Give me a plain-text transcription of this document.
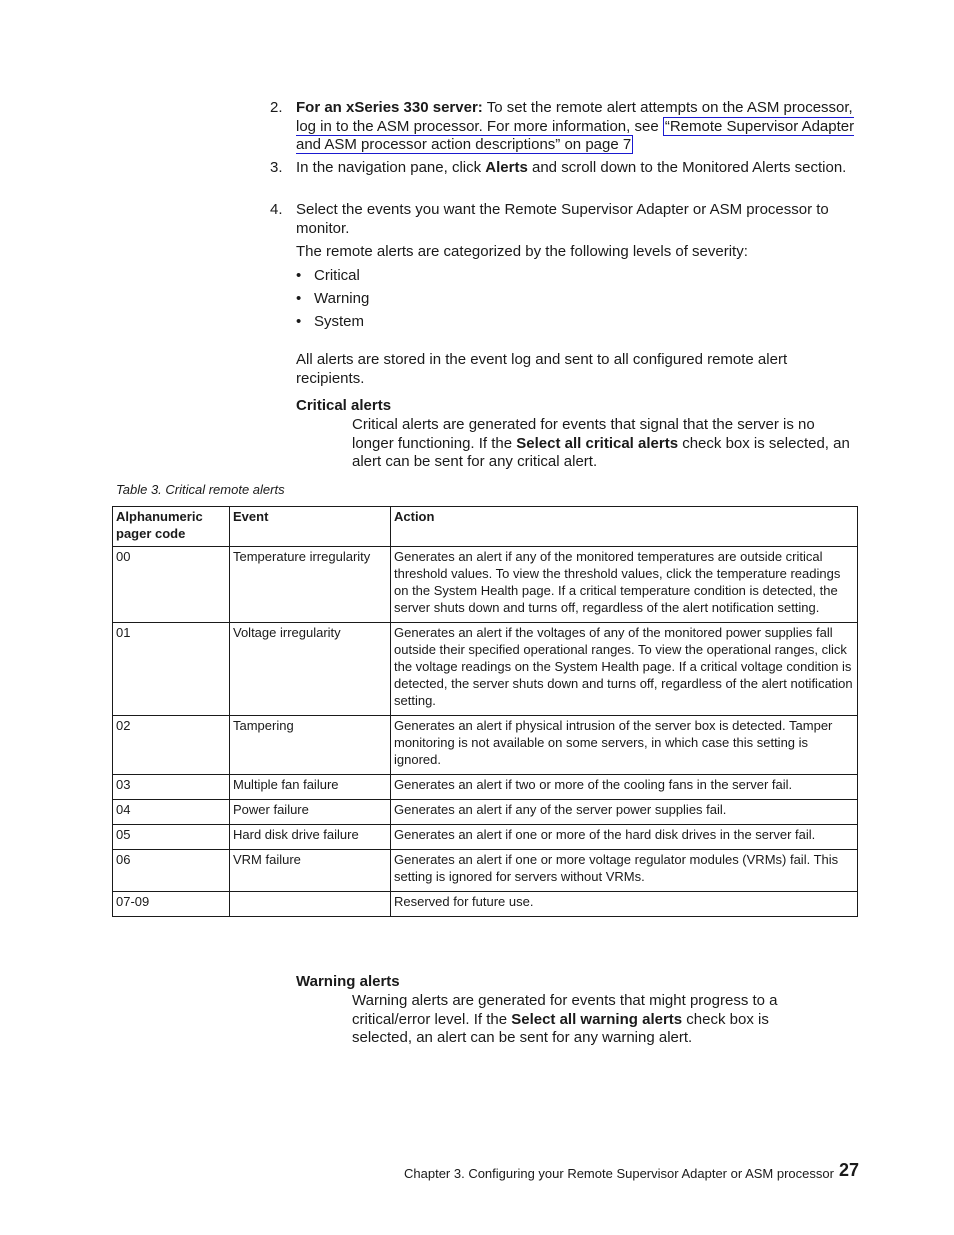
2. For an xSeries 330 server: To set the remote alert attempts on the ASM processor, log in to the ASM processor. For more information, see “Remote Supervisor Adapter and ASM processor action descriptions” on page 7
3. In the navigation pane, click Alerts and scroll down to the Monitored Alerts section.
4. Select the events you want the Remote Supervisor Adapter or ASM processor to monitor.
The remote alerts are categorized by the following levels of severity:
• Critical
• Warning
• System
All alerts are stored in the event log and sent to all configured remote alert recipients.
Critical alerts
Critical alerts are generated for events that signal that the server is no longer functioning. If the Select all critical alerts check box is selected, an alert can be sent for any critical alert.
Table 3. Critical remote alerts
Alphanumeric pager code	Event	Action
00	Temperature irregularity	Generates an alert if any of the monitored temperatures are outside critical threshold values. To view the threshold values, click the temperature readings on the System Health page. If a critical temperature condition is detected, the server shuts down and turns off, regardless of the alert notification setting.
01	Voltage irregularity	Generates an alert if the voltages of any of the monitored power supplies fall outside their specified operational ranges. To view the operational ranges, click the voltage readings on the System Health page. If a critical voltage condition is detected, the server shuts down and turns off, regardless of the alert notification setting.
02	Tampering	Generates an alert if physical intrusion of the server box is detected. Tamper monitoring is not available on some servers, in which case this setting is ignored.
03	Multiple fan failure	Generates an alert if two or more of the cooling fans in the server fail.
04	Power failure	Generates an alert if any of the server power supplies fail.
05	Hard disk drive failure	Generates an alert if one or more of the hard disk drives in the server fail.
06	VRM failure	Generates an alert if one or more voltage regulator modules (VRMs) fail. This setting is ignored for servers without VRMs.
07-09		Reserved for future use.
Warning alerts
Warning alerts are generated for events that might progress to a critical/error level. If the Select all warning alerts check box is selected, an alert can be sent for any warning alert.
Chapter 3. Configuring your Remote Supervisor Adapter or ASM processor 27
